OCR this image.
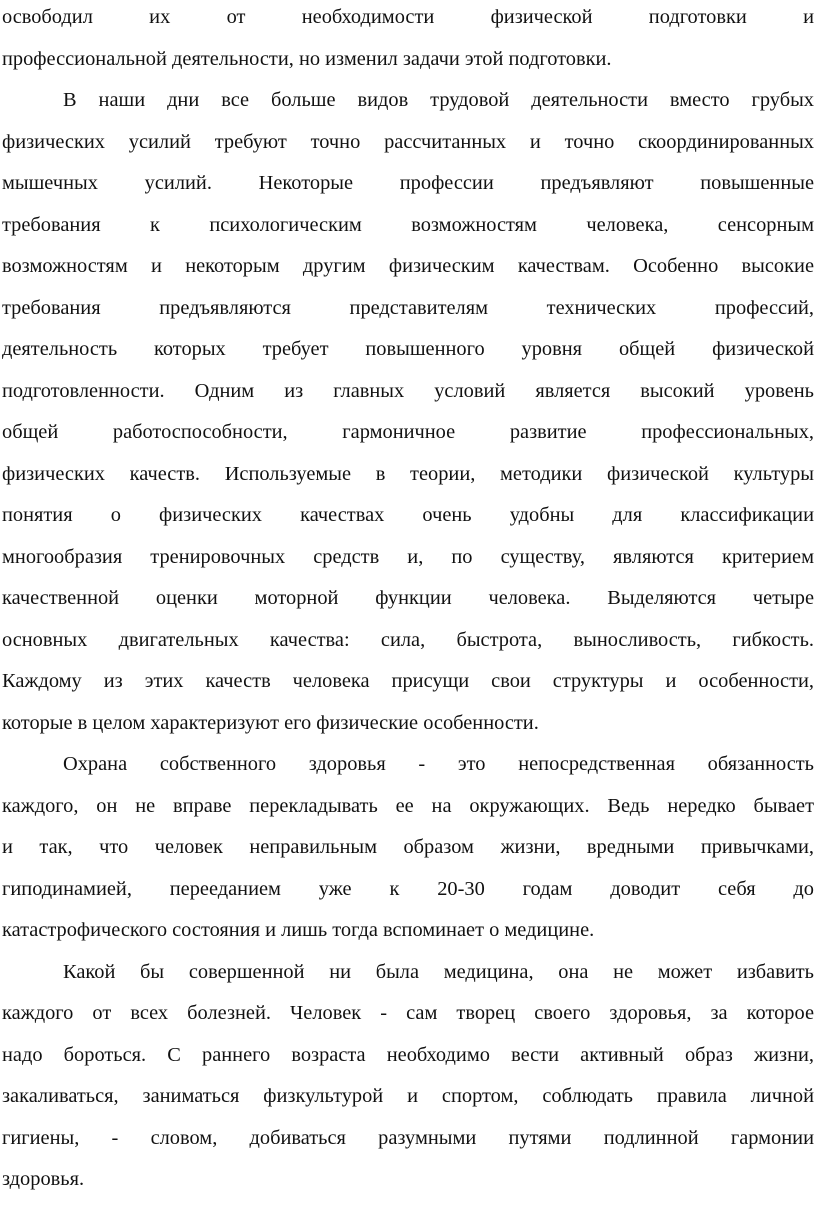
освободил их от необходимости физической подготовки и
профессиональной деятельности, но изменил задачи этой подготовки.
В наши дни все больше видов трудовой деятельности вместо грубых
физических усилий требуют точно рассчитанных и точно скоординированных
мышечных усилий. Некоторые профессии предъявляют повышенные
требования к психологическим возможностям человека, сенсорным
возможностям и некоторым другим физическим качествам. Особенно высокие
требования предъявляются представителям технических профессий,
деятельность которых требует повышенного уровня общей физической
подготовленности. Одним из главных условий является высокий уровень
общей работоспособности, гармоничное развитие профессиональных,
физических качеств. Используемые в теории, методики физической культуры
понятия о физических качествах очень удобны для классификации
многообразия тренировочных средств и, по существу, являются критерием
качественной оценки моторной функции человека. Выделяются четыре
основных двигательных качества: сила, быстрота, выносливость, гибкость.
Каждому из этих качеств человека присущи свои структуры и особенности,
которые в целом характеризуют его физические особенности.
Охрана собственного здоровья - это непосредственная обязанность
каждого, он не вправе перекладывать ее на окружающих. Ведь нередко бывает
и так, что человек неправильным образом жизни, вредными привычками,
гиподинамией, перееданием уже к 20-30 годам доводит себя до
катастрофического состояния и лишь тогда вспоминает о медицине.
Какой бы совершенной ни была медицина, она не может избавить
каждого от всех болезней. Человек - сам творец своего здоровья, за которое
надо бороться. С раннего возраста необходимо вести активный образ жизни,
закаливаться, заниматься физкультурой и спортом, соблюдать правила личной
гигиены, - словом, добиваться разумными путями подлинной гармонии
здоровья.
